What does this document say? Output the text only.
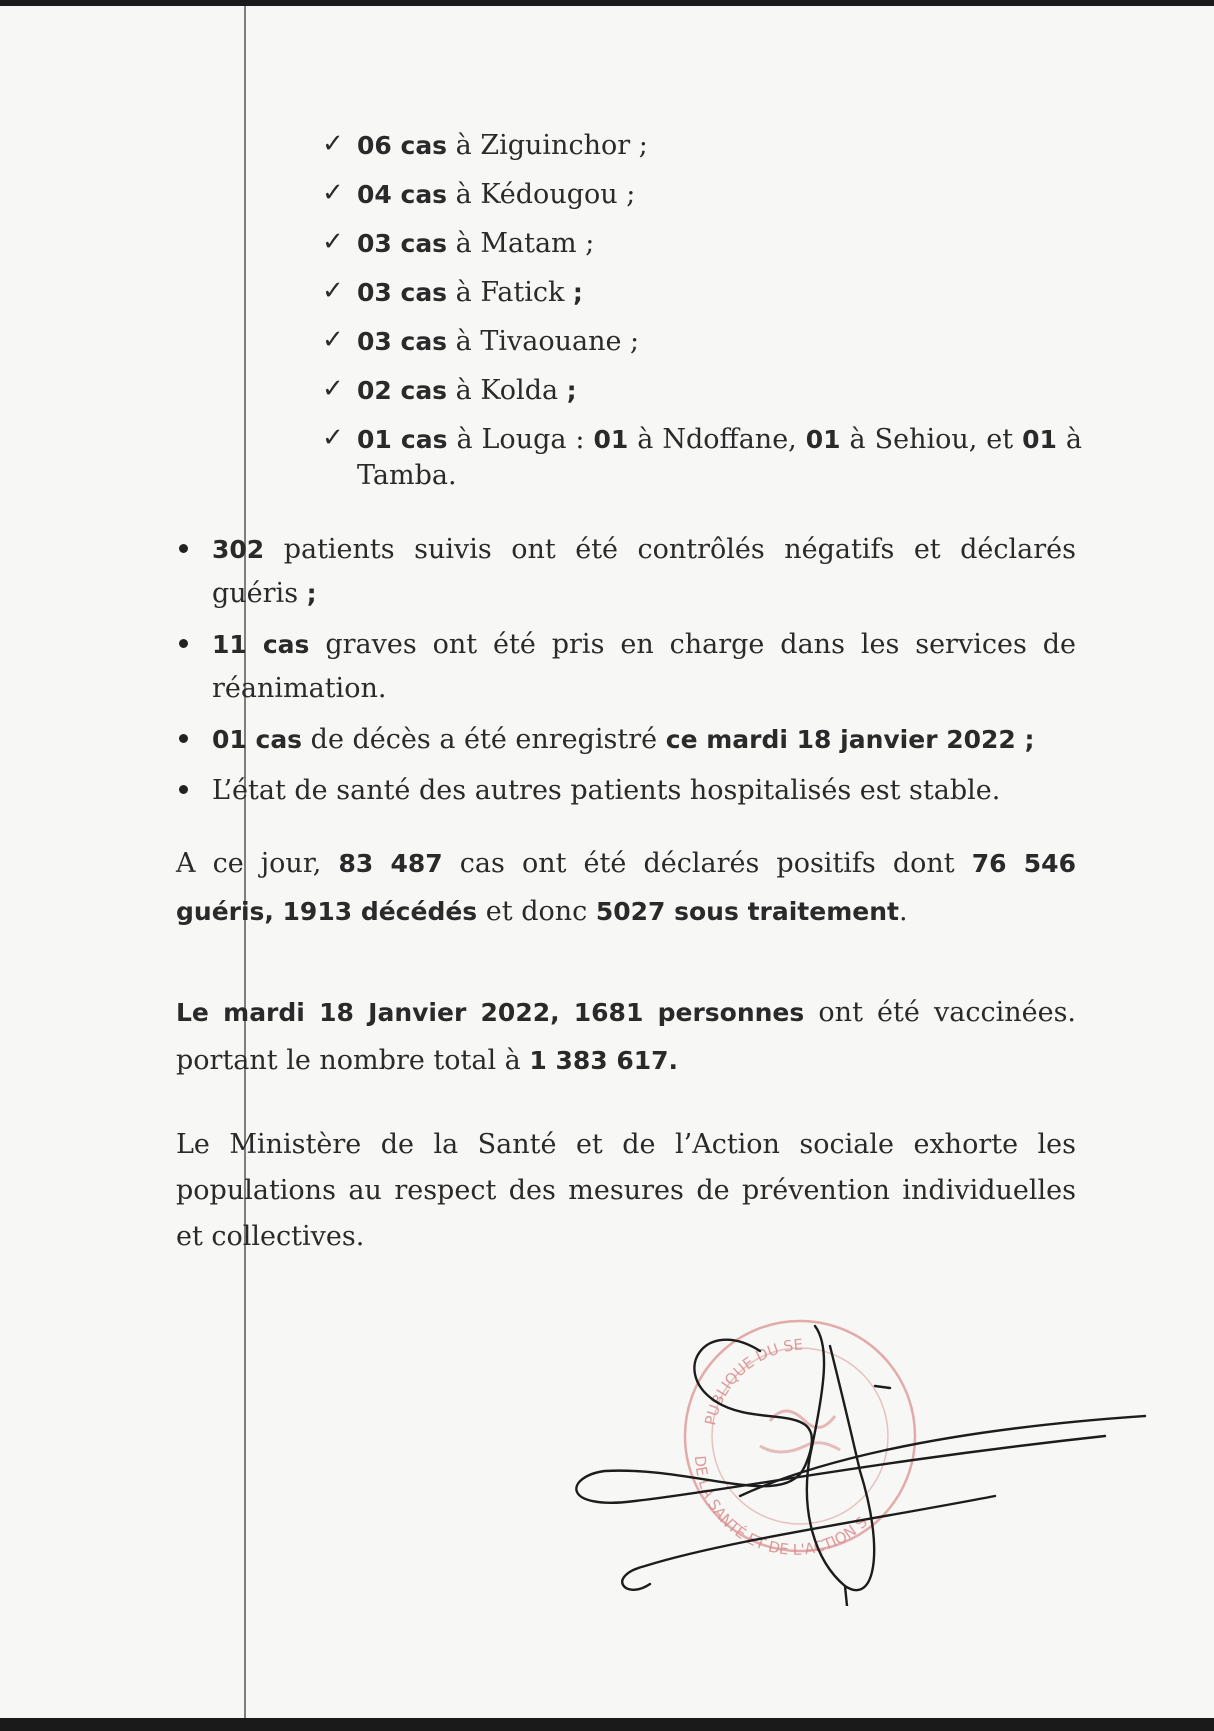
✓ 06 cas à Ziguinchor ;
✓ 04 cas à Kédougou ;
✓ 03 cas à Matam ;
✓ 03 cas à Fatick ;
✓ 03 cas à Tivaouane ;
✓ 02 cas à Kolda ;
✓ 01 cas à Louga : 01 à Ndoffane, 01 à Sehiou, et 01 à Tamba.
302 patients suivis ont été contrôlés négatifs et déclarés guéris ;
11 cas graves ont été pris en charge dans les services de réanimation.
01 cas de décès a été enregistré ce mardi 18 janvier 2022 ;
L’état de santé des autres patients hospitalisés est stable.

A ce jour, 83 487 cas ont été déclarés positifs dont 76 546 guéris, 1913 décédés et donc 5027 sous traitement.

Le mardi 18 Janvier 2022, 1681 personnes ont été vaccinées. portant le nombre total à 1 383 617.

Le Ministère de la Santé et de l’Action sociale exhorte les populations au respect des mesures de prévention individuelles et collectives.

PUBLIQUE DU SE
DE LA SANTÉ ET DE L'ACTION S
